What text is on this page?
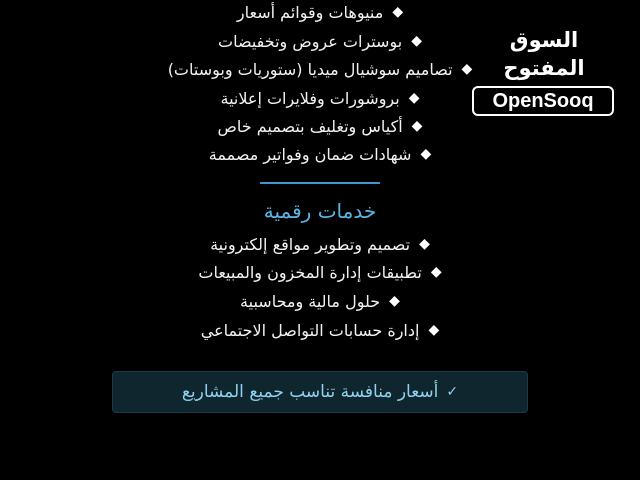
منيوهات وقوائم أسعار ◆
بوسترات عروض وتخفيضات ◆
تصاميم سوشيال ميديا (ستوريات وبوستات) ◆
بروشورات وفلايرات إعلانية ◆
أكياس وتغليف بتصميم خاص ◆
شهادات ضمان وفواتير مصممة ◆
خدمات رقمية
تصميم وتطوير مواقع إلكترونية ◆
تطبيقات إدارة المخزون والمبيعات ◆
حلول مالية ومحاسبية ◆
إدارة حسابات التواصل الاجتماعي ◆
أسعار منافسة تناسب جميع المشاريع ✓
السوق المفتوح
OpenSooq
